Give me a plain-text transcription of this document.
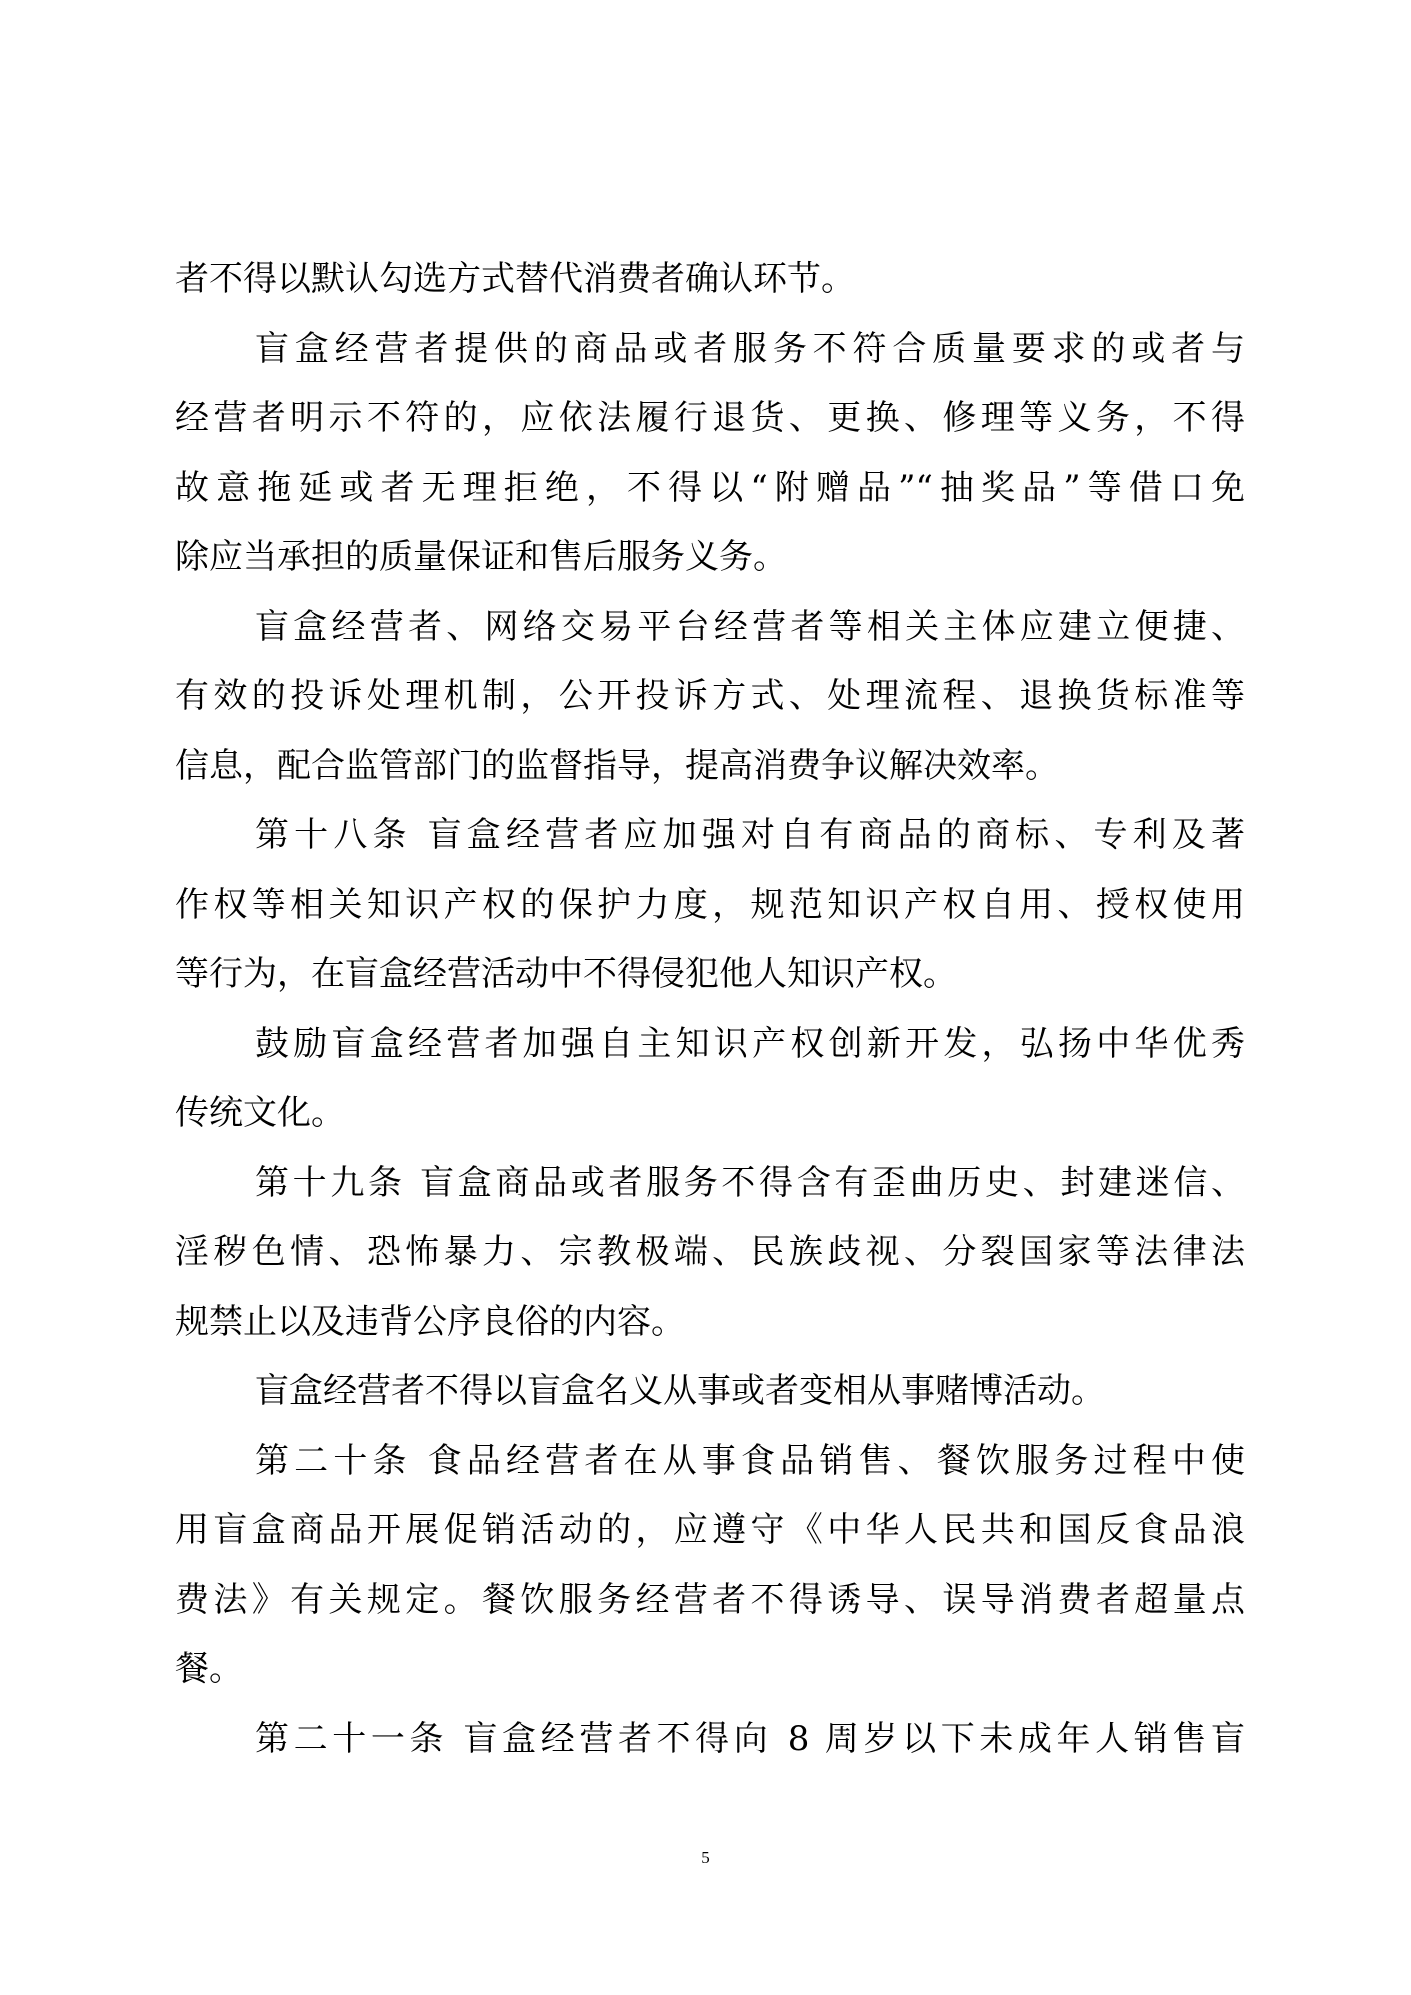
者不得以默认勾选方式替代消费者确认环节。
盲盒经营者提供的商品或者服务不符合质量要求的或者与
经营者明示不符的，应依法履行退货、更换、修理等义务，不得
故意拖延或者无理拒绝，不得以“附赠品”“抽奖品”等借口免
除应当承担的质量保证和售后服务义务。
盲盒经营者、网络交易平台经营者等相关主体应建立便捷、
有效的投诉处理机制，公开投诉方式、处理流程、退换货标准等
信息，配合监管部门的监督指导，提高消费争议解决效率。
第十八条 盲盒经营者应加强对自有商品的商标、专利及著
作权等相关知识产权的保护力度，规范知识产权自用、授权使用
等行为，在盲盒经营活动中不得侵犯他人知识产权。
鼓励盲盒经营者加强自主知识产权创新开发，弘扬中华优秀
传统文化。
第十九条 盲盒商品或者服务不得含有歪曲历史、封建迷信、
淫秽色情、恐怖暴力、宗教极端、民族歧视、分裂国家等法律法
规禁止以及违背公序良俗的内容。
盲盒经营者不得以盲盒名义从事或者变相从事赌博活动。
第二十条 食品经营者在从事食品销售、餐饮服务过程中使
用盲盒商品开展促销活动的，应遵守《中华人民共和国反食品浪
费法》有关规定。餐饮服务经营者不得诱导、误导消费者超量点
餐。
第二十一条 盲盒经营者不得向 8 周岁以下未成年人销售盲
5
